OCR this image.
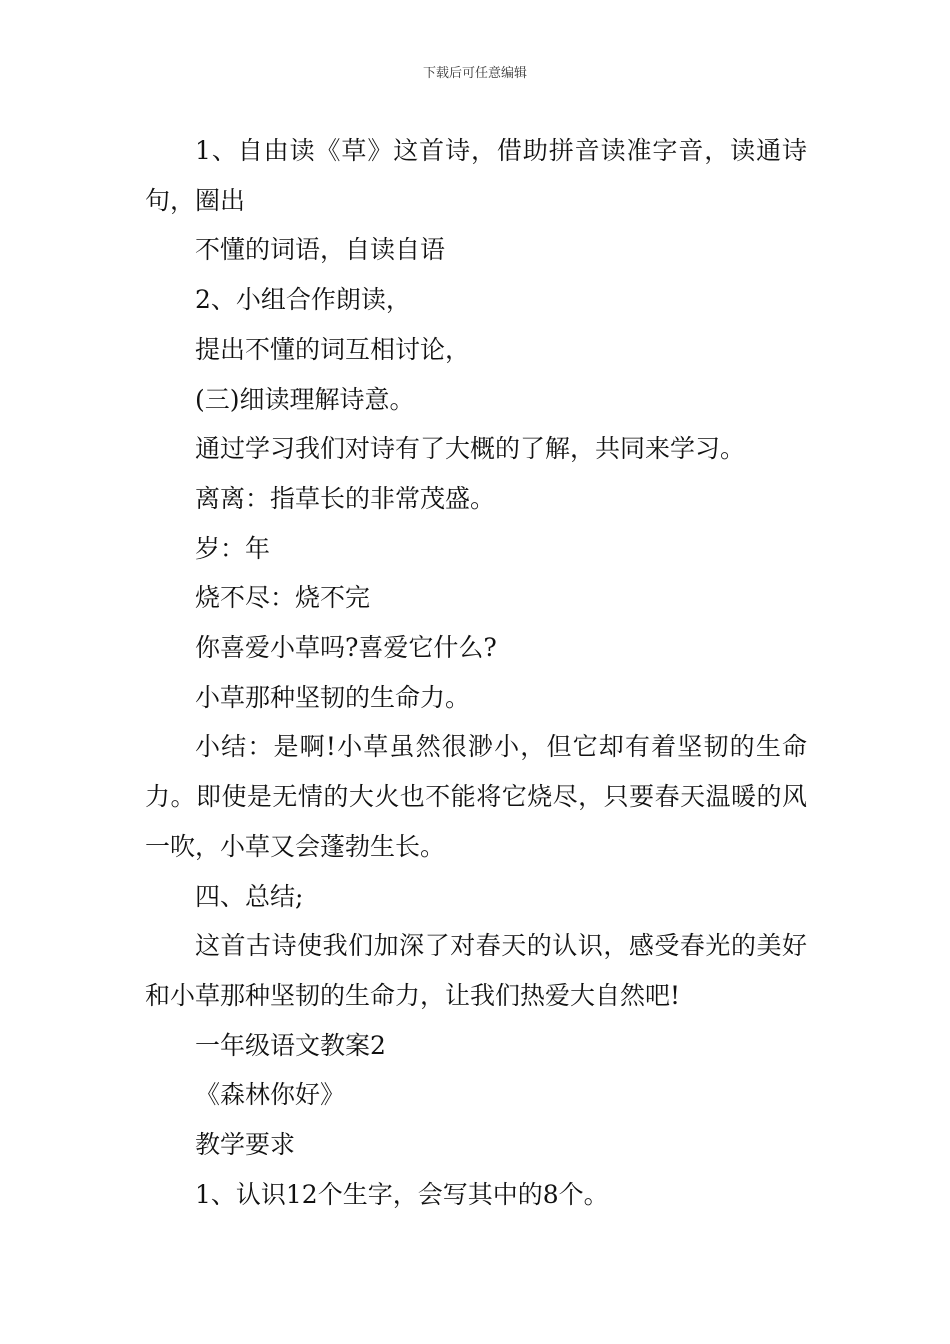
下载后可任意编辑

1、自由读《草》这首诗，借助拼音读准字音，读通诗句，圈出

不懂的词语，自读自语

2、小组合作朗读，

提出不懂的词互相讨论，

(三)细读理解诗意。

通过学习我们对诗有了大概的了解，共同来学习。

离离：指草长的非常茂盛。

岁：年

烧不尽：烧不完

你喜爱小草吗?喜爱它什么?

小草那种坚韧的生命力。

小结：是啊!小草虽然很渺小，但它却有着坚韧的生命力。即使是无情的大火也不能将它烧尽，只要春天温暖的风一吹，小草又会蓬勃生长。

四、总结;

这首古诗使我们加深了对春天的认识，感受春光的美好和小草那种坚韧的生命力，让我们热爱大自然吧!

一年级语文教案2

《森林你好》

教学要求

1、认识12个生字，会写其中的8个。
